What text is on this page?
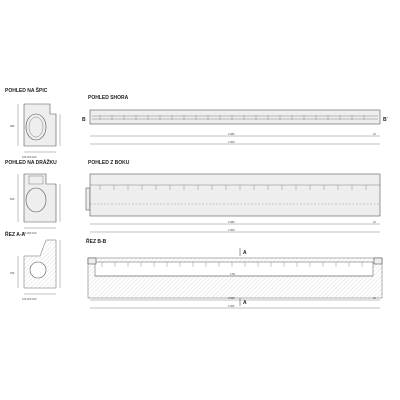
POHLED NA ŠPIC
480
100 200 100
POHLED NA DRÁŽKU
500
100 200 100
ŘEZ A-A
450
100 200 100
POHLED SHORA
B	B´
3 980	10
4 000
POHLED Z BOKU
3 980	10
4 000
ŘEZ B-B
A
4 50
A
3 980	10
4 000
